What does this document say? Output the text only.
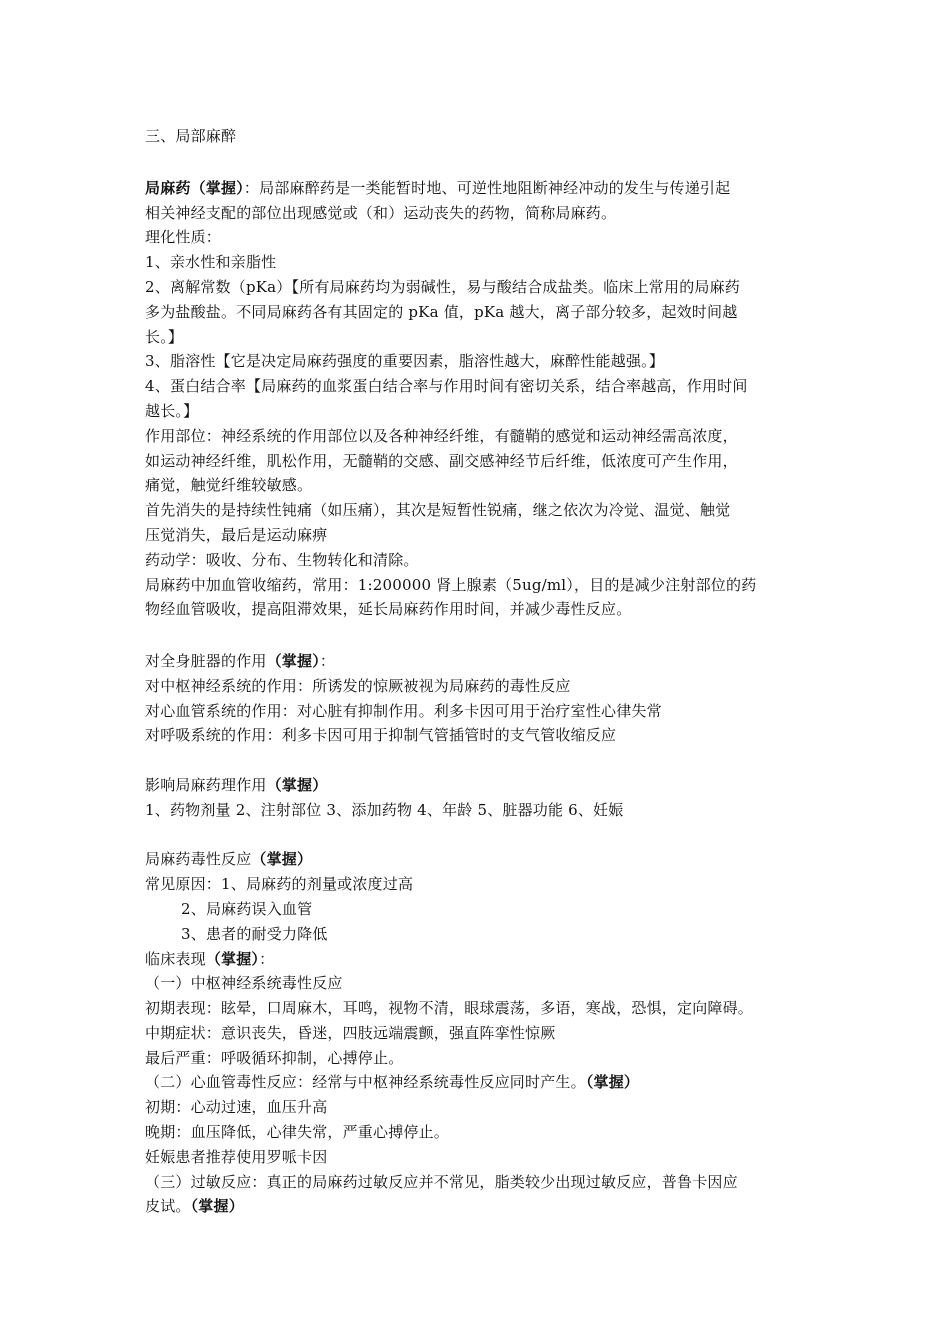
三、局部麻醉
局麻药（掌握）：局部麻醉药是一类能暂时地、可逆性地阻断神经冲动的发生与传递引起
相关神经支配的部位出现感觉或（和）运动丧失的药物，简称局麻药。
理化性质：
1、亲水性和亲脂性
2、离解常数（pKa）【所有局麻药均为弱碱性，易与酸结合成盐类。临床上常用的局麻药
多为盐酸盐。不同局麻药各有其固定的 pKa 值，pKa 越大，离子部分较多，起效时间越
长。】
3、脂溶性【它是决定局麻药强度的重要因素，脂溶性越大，麻醉性能越强。】
4、蛋白结合率【局麻药的血浆蛋白结合率与作用时间有密切关系，结合率越高，作用时间
越长。】
作用部位：神经系统的作用部位以及各种神经纤维，有髓鞘的感觉和运动神经需高浓度，
如运动神经纤维，肌松作用，无髓鞘的交感、副交感神经节后纤维，低浓度可产生作用，
痛觉，触觉纤维较敏感。
首先消失的是持续性钝痛（如压痛），其次是短暂性锐痛，继之依次为冷觉、温觉、触觉
压觉消失，最后是运动麻痹
药动学：吸收、分布、生物转化和清除。
局麻药中加血管收缩药，常用：1:200000 肾上腺素（5ug/ml），目的是减少注射部位的药
物经血管吸收，提高阻滞效果，延长局麻药作用时间，并减少毒性反应。
对全身脏器的作用（掌握）：
对中枢神经系统的作用：所诱发的惊厥被视为局麻药的毒性反应
对心血管系统的作用：对心脏有抑制作用。利多卡因可用于治疗室性心律失常
对呼吸系统的作用：利多卡因可用于抑制气管插管时的支气管收缩反应
影响局麻药理作用（掌握）
1、药物剂量 2、注射部位 3、添加药物 4、年龄 5、脏器功能 6、妊娠
局麻药毒性反应（掌握）
常见原因：1、局麻药的剂量或浓度过高
2、局麻药误入血管
3、患者的耐受力降低
临床表现（掌握）：
（一）中枢神经系统毒性反应
初期表现：眩晕，口周麻木，耳鸣，视物不清，眼球震荡，多语，寒战，恐惧，定向障碍。
中期症状：意识丧失，昏迷，四肢远端震颤，强直阵挛性惊厥
最后严重：呼吸循环抑制，心搏停止。
（二）心血管毒性反应：经常与中枢神经系统毒性反应同时产生。（掌握）
初期：心动过速，血压升高
晚期：血压降低，心律失常，严重心搏停止。
妊娠患者推荐使用罗哌卡因
（三）过敏反应：真正的局麻药过敏反应并不常见，脂类较少出现过敏反应，普鲁卡因应
皮试。（掌握）
